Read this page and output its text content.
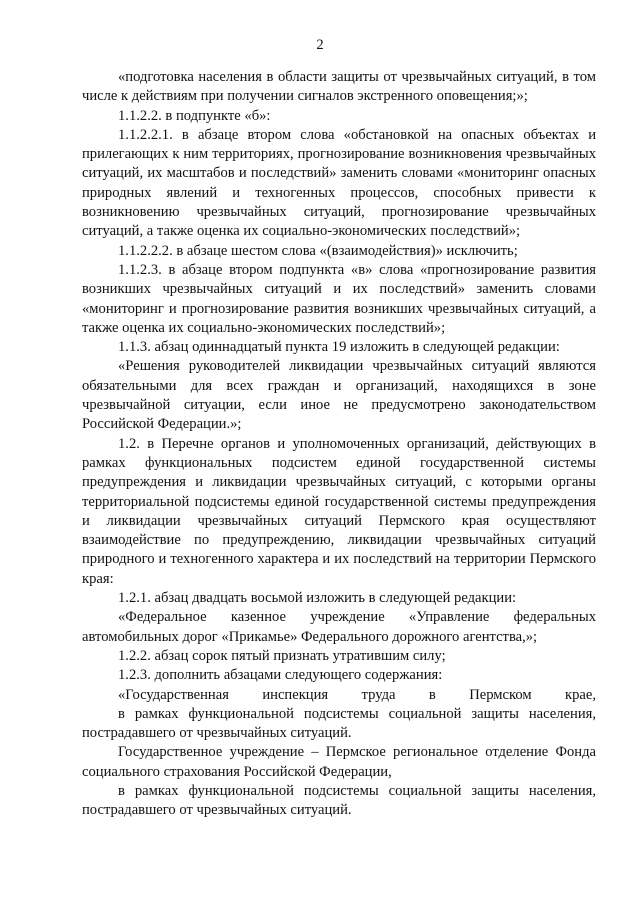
2

«подготовка населения в области защиты от чрезвычайных ситуаций, в том числе к действиям при получении сигналов экстренного оповещения;»;

1.1.2.2. в подпункте «б»:

1.1.2.2.1. в абзаце втором слова «обстановкой на опасных объектах и прилегающих к ним территориях, прогнозирование возникновения чрезвычайных ситуаций, их масштабов и последствий» заменить словами «мониторинг опасных природных явлений и техногенных процессов, способных привести к возникновению чрезвычайных ситуаций, прогнозирование чрезвычайных ситуаций, а также оценка их социально-экономических последствий»;

1.1.2.2.2. в абзаце шестом слова «(взаимодействия)» исключить;

1.1.2.3. в абзаце втором подпункта «в» слова «прогнозирование развития возникших чрезвычайных ситуаций и их последствий» заменить словами «мониторинг и прогнозирование развития возникших чрезвычайных ситуаций, а также оценка их социально-экономических последствий»;

1.1.3. абзац одиннадцатый пункта 19 изложить в следующей редакции:

«Решения руководителей ликвидации чрезвычайных ситуаций являются обязательными для всех граждан и организаций, находящихся в зоне чрезвычайной ситуации, если иное не предусмотрено законодательством Российской Федерации.»;

1.2. в Перечне органов и уполномоченных организаций, действующих в рамках функциональных подсистем единой государственной системы предупреждения и ликвидации чрезвычайных ситуаций, с которыми органы территориальной подсистемы единой государственной системы предупреждения и ликвидации чрезвычайных ситуаций Пермского края осуществляют взаимодействие по предупреждению, ликвидации чрезвычайных ситуаций природного и техногенного характера и их последствий на территории Пермского края:

1.2.1. абзац двадцать восьмой изложить в следующей редакции:

«Федеральное казенное учреждение «Управление федеральных автомобильных дорог «Прикамье» Федерального дорожного агентства,»;

1.2.2. абзац сорок пятый признать утратившим силу;

1.2.3. дополнить абзацами следующего содержания:

«Государственная инспекция труда в Пермском крае,

в рамках функциональной подсистемы социальной защиты населения, пострадавшего от чрезвычайных ситуаций.

Государственное учреждение – Пермское региональное отделение Фонда социального страхования Российской Федерации,

в рамках функциональной подсистемы социальной защиты населения, пострадавшего от чрезвычайных ситуаций.
